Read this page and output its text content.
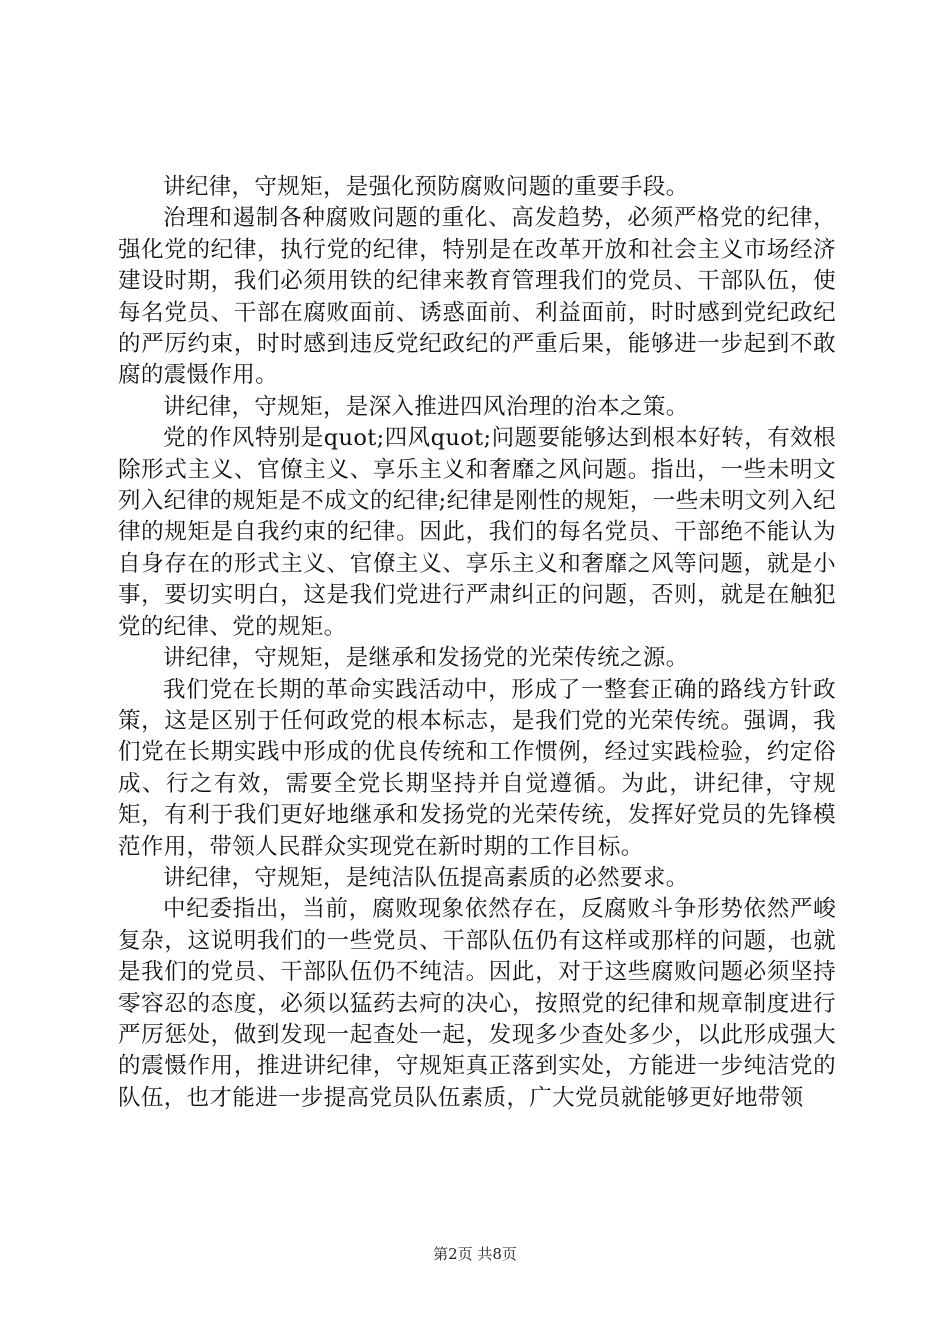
讲纪律，守规矩，是强化预防腐败问题的重要手段。

治理和遏制各种腐败问题的重化、高发趋势，必须严格党的纪律，强化党的纪律，执行党的纪律，特别是在改革开放和社会主义市场经济建设时期，我们必须用铁的纪律来教育管理我们的党员、干部队伍，使每名党员、干部在腐败面前、诱惑面前、利益面前，时时感到党纪政纪的严厉约束，时时感到违反党纪政纪的严重后果，能够进一步起到不敢腐的震慑作用。

讲纪律，守规矩，是深入推进四风治理的治本之策。

党的作风特别是quot;四风quot;问题要能够达到根本好转，有效根除形式主义、官僚主义、享乐主义和奢靡之风问题。指出，一些未明文列入纪律的规矩是不成文的纪律;纪律是刚性的规矩，一些未明文列入纪律的规矩是自我约束的纪律。因此，我们的每名党员、干部绝不能认为自身存在的形式主义、官僚主义、享乐主义和奢靡之风等问题，就是小事，要切实明白，这是我们党进行严肃纠正的问题，否则，就是在触犯党的纪律、党的规矩。

讲纪律，守规矩，是继承和发扬党的光荣传统之源。

我们党在长期的革命实践活动中，形成了一整套正确的路线方针政策，这是区别于任何政党的根本标志，是我们党的光荣传统。强调，我们党在长期实践中形成的优良传统和工作惯例，经过实践检验，约定俗成、行之有效，需要全党长期坚持并自觉遵循。为此，讲纪律，守规矩，有利于我们更好地继承和发扬党的光荣传统，发挥好党员的先锋模范作用，带领人民群众实现党在新时期的工作目标。

讲纪律，守规矩，是纯洁队伍提高素质的必然要求。

中纪委指出，当前，腐败现象依然存在，反腐败斗争形势依然严峻复杂，这说明我们的一些党员、干部队伍仍有这样或那样的问题，也就是我们的党员、干部队伍仍不纯洁。因此，对于这些腐败问题必须坚持零容忍的态度，必须以猛药去疴的决心，按照党的纪律和规章制度进行严厉惩处，做到发现一起查处一起，发现多少查处多少，以此形成强大的震慑作用，推进讲纪律，守规矩真正落到实处，方能进一步纯洁党的队伍，也才能进一步提高党员队伍素质，广大党员就能够更好地带领

第2页 共8页
